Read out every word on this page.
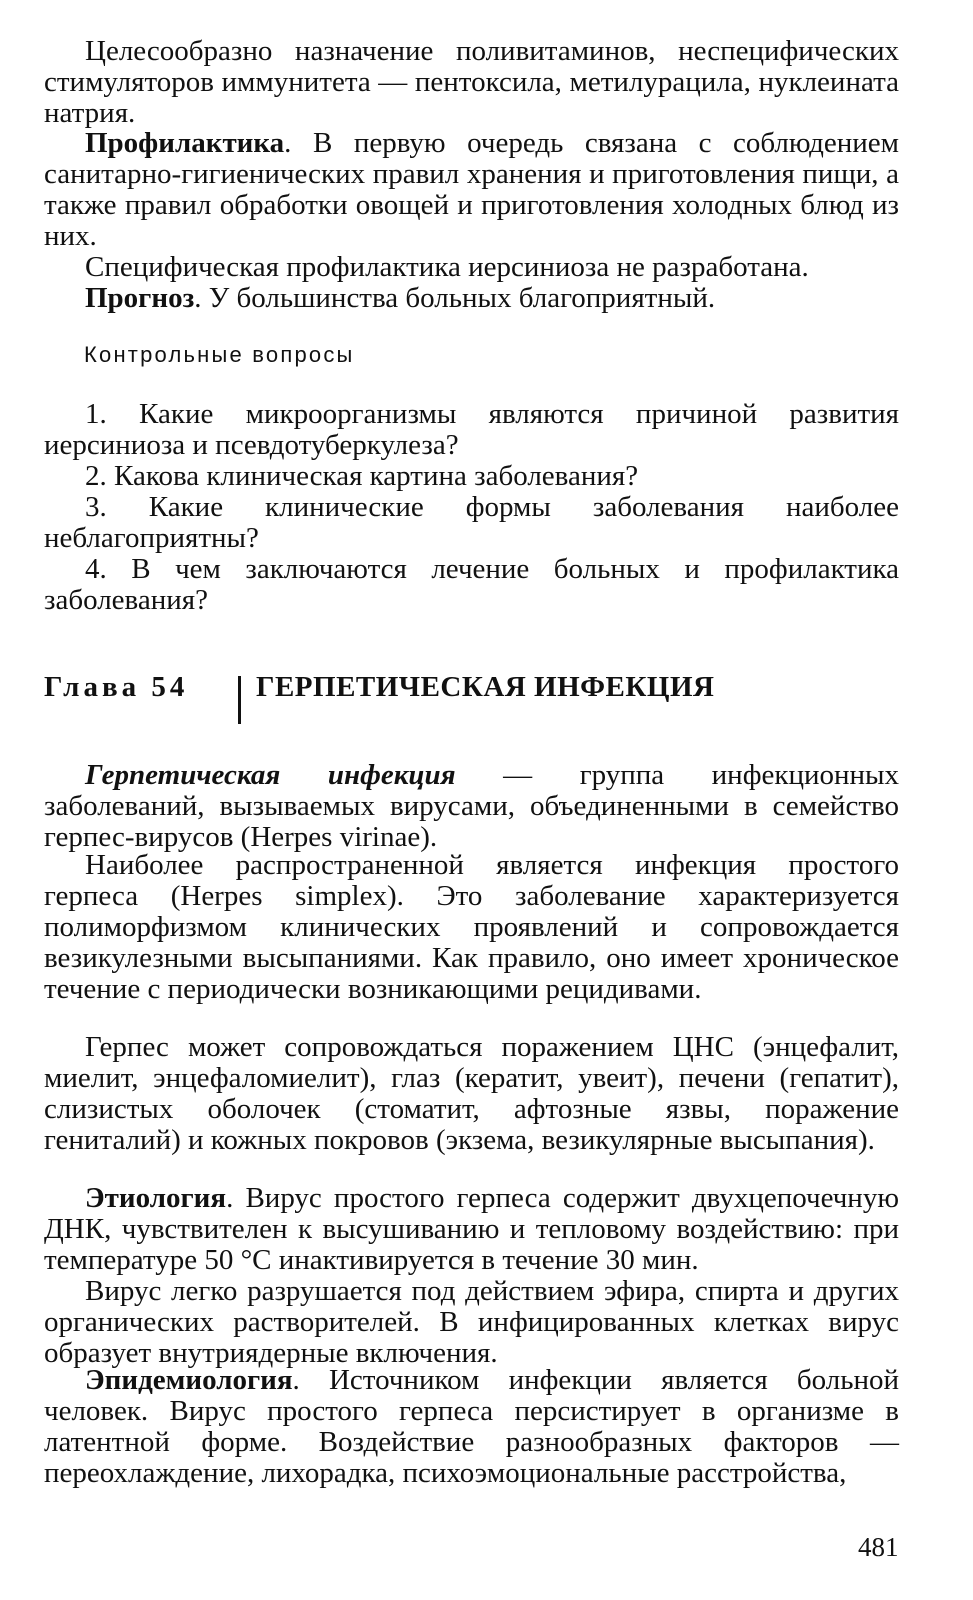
Целесообразно назначение поливитаминов, неспецифических стимуляторов иммунитета — пентоксила, метилурацила, нуклеината натрия.

Профилактика. В первую очередь связана с соблюдением санитарно-гигиенических правил хранения и приготовления пищи, а также правил обработки овощей и приготовления холодных блюд из них.

Специфическая профилактика иерсиниоза не разработана.

Прогноз. У большинства больных благоприятный.

Контрольные вопросы

1. Какие микроорганизмы являются причиной развития иерсиниоза и псевдотуберкулеза?

2. Какова клиническая картина заболевания?

3. Какие клинические формы заболевания наиболее неблагоприятны?

4. В чем заключаются лечение больных и профилактика заболевания?

Глава 54 ГЕРПЕТИЧЕСКАЯ ИНФЕКЦИЯ

Герпетическая инфекция — группа инфекционных заболеваний, вызываемых вирусами, объединенными в семейство герпес-вирусов (Herpes virinae).

Наиболее распространенной является инфекция простого герпеса (Herpes simplex). Это заболевание характеризуется полиморфизмом клинических проявлений и сопровождается везикулезными высыпаниями. Как правило, оно имеет хроническое течение с периодически возникающими рецидивами.

Герпес может сопровождаться поражением ЦНС (энцефалит, миелит, энцефаломиелит), глаз (кератит, увеит), печени (гепатит), слизистых оболочек (стоматит, афтозные язвы, поражение гениталий) и кожных покровов (экзема, везикулярные высыпания).

Этиология. Вирус простого герпеса содержит двухцепочечную ДНК, чувствителен к высушиванию и тепловому воздействию: при температуре 50 °С инактивируется в течение 30 мин.

Вирус легко разрушается под действием эфира, спирта и других органических растворителей. В инфицированных клетках вирус образует внутриядерные включения.

Эпидемиология. Источником инфекции является больной человек. Вирус простого герпеса персистирует в организме в латентной форме. Воздействие разнообразных факторов — переохлаждение, лихорадка, психоэмоциональные расстройства,

481
